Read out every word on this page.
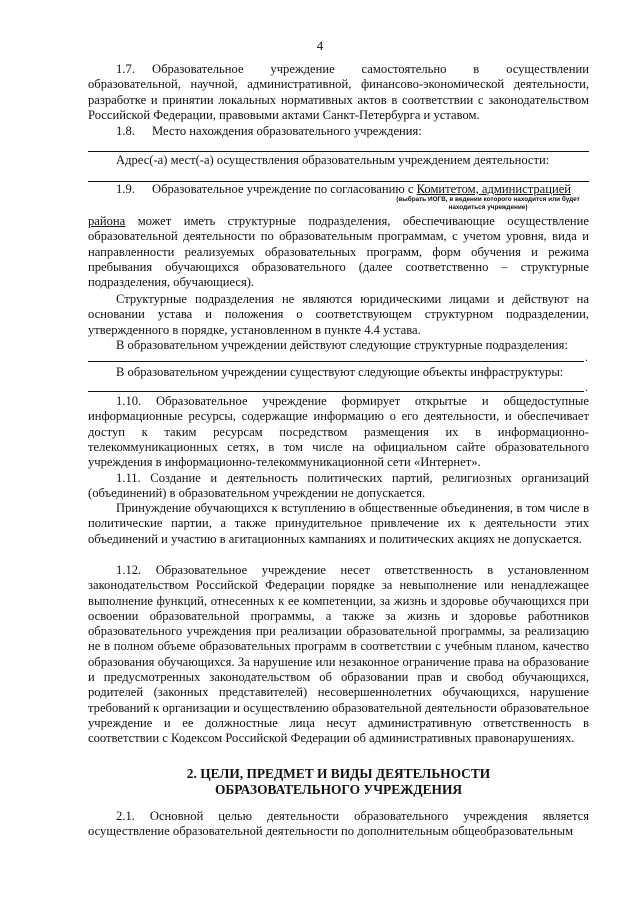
4
1.7. Образовательное учреждение самостоятельно в осуществлении образовательной, научной, административной, финансово-экономической деятельности, разработке и принятии локальных нормативных актов в соответствии с законодательством Российской Федерации, правовыми актами Санкт-Петербурга и уставом.
1.8. Место нахождения образовательного учреждения:
Адрес(-а) мест(-а) осуществления образовательным учреждением деятельности:
1.9. Образовательное учреждение по согласованию с Комитетом, администрацией
(выбрать ИОГВ, в ведении которого находится или будет находиться учреждение)
района может иметь структурные подразделения, обеспечивающие осуществление образовательной деятельности по образовательным программам, с учетом уровня, вида и направленности реализуемых образовательных программ, форм обучения и режима пребывания обучающихся образовательного (далее соответственно – структурные подразделения, обучающиеся).
Структурные подразделения не являются юридическими лицами и действуют на основании устава и положения о соответствующем структурном подразделении, утвержденного в порядке, установленном в пункте 4.4 устава.
В образовательном учреждении действуют следующие структурные подразделения:
.
В образовательном учреждении существуют следующие объекты инфраструктуры:
.
1.10. Образовательное учреждение формирует открытые и общедоступные информационные ресурсы, содержащие информацию о его деятельности, и обеспечивает доступ к таким ресурсам посредством размещения их в информационно-телекоммуникационных сетях, в том числе на официальном сайте образовательного учреждения в информационно-телекоммуникационной сети «Интернет».
1.11. Создание и деятельность политических партий, религиозных организаций (объединений) в образовательном учреждении не допускается.
Принуждение обучающихся к вступлению в общественные объединения, в том числе в политические партии, а также принудительное привлечение их к деятельности этих объединений и участию в агитационных кампаниях и политических акциях не допускается.
1.12. Образовательное учреждение несет ответственность в установленном законодательством Российской Федерации порядке за невыполнение или ненадлежащее выполнение функций, отнесенных к ее компетенции, за жизнь и здоровье обучающихся при освоении образовательной программы, а также за жизнь и здоровье работников образовательного учреждения при реализации образовательной программы, за реализацию не в полном объеме образовательных программ в соответствии с учебным планом, качество образования обучающихся. За нарушение или незаконное ограничение права на образование и предусмотренных законодательством об образовании прав и свобод обучающихся, родителей (законных представителей) несовершеннолетних обучающихся, нарушение требований к организации и осуществлению образовательной деятельности образовательное учреждение и ее должностные лица несут административную ответственность в соответствии с Кодексом Российской Федерации об административных правонарушениях.
2. ЦЕЛИ, ПРЕДМЕТ И ВИДЫ ДЕЯТЕЛЬНОСТИ
ОБРАЗОВАТЕЛЬНОГО УЧРЕЖДЕНИЯ
2.1. Основной целью деятельности образовательного учреждения является осуществление образовательной деятельности по дополнительным общеобразовательным
